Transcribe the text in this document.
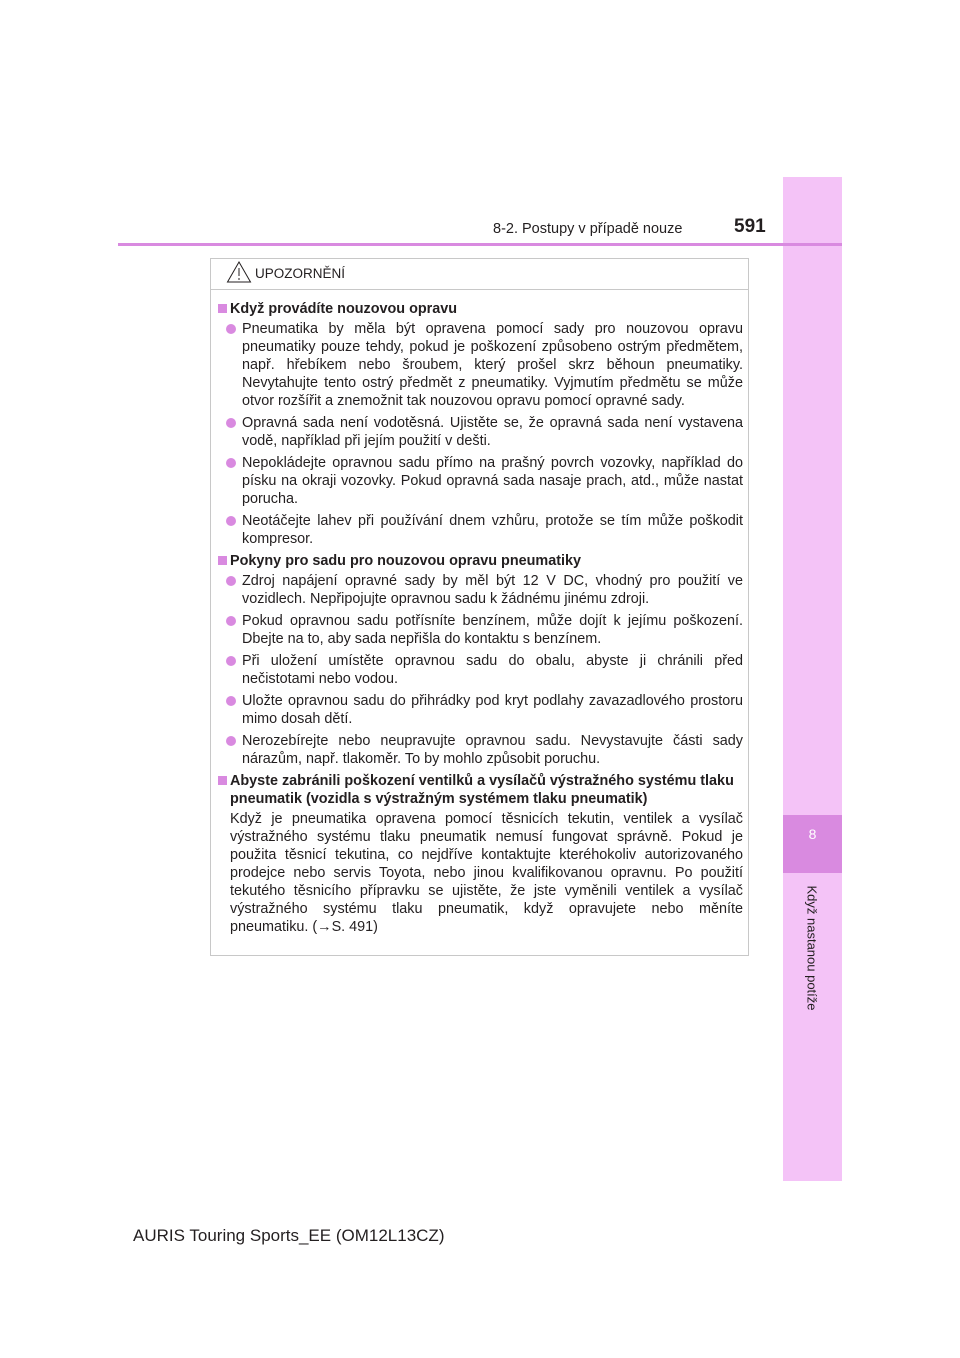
8
Když nastanou potíže
8-2. Postupy v případě nouze	591
UPOZORNĚNÍ
Když provádíte nouzovou opravu
Pneumatika by měla být opravena pomocí sady pro nouzovou opravu pneumatiky pouze tehdy, pokud je poškození způsobeno ostrým předmětem, např. hřebíkem nebo šroubem, který prošel skrz běhoun pneumatiky. Nevytahujte tento ostrý předmět z pneumatiky. Vyjmutím předmětu se může otvor rozšířit a znemožnit tak nouzovou opravu pomocí opravné sady.
Opravná sada není vodotěsná. Ujistěte se, že opravná sada není vystavena vodě, například při jejím použití v dešti.
Nepokládejte opravnou sadu přímo na prašný povrch vozovky, například do písku na okraji vozovky. Pokud opravná sada nasaje prach, atd., může nastat porucha.
Neotáčejte lahev při používání dnem vzhůru, protože se tím může poškodit kompresor.
Pokyny pro sadu pro nouzovou opravu pneumatiky
Zdroj napájení opravné sady by měl být 12 V DC, vhodný pro použití ve vozidlech. Nepřipojujte opravnou sadu k žádnému jinému zdroji.
Pokud opravnou sadu potřísníte benzínem, může dojít k jejímu poškození. Dbejte na to, aby sada nepřišla do kontaktu s benzínem.
Při uložení umístěte opravnou sadu do obalu, abyste ji chránili před nečistotami nebo vodou.
Uložte opravnou sadu do přihrádky pod kryt podlahy zavazadlového prostoru mimo dosah dětí.
Nerozebírejte nebo neupravujte opravnou sadu. Nevystavujte části sady nárazům, např. tlakoměr. To by mohlo způsobit poruchu.
Abyste zabránili poškození ventilků a vysílačů výstražného systému tlaku pneumatik (vozidla s výstražným systémem tlaku pneumatik)
Když je pneumatika opravena pomocí těsnicích tekutin, ventilek a vysílač výstražného systému tlaku pneumatik nemusí fungovat správně. Pokud je použita těsnicí tekutina, co nejdříve kontaktujte kteréhokoliv autorizovaného prodejce nebo servis Toyota, nebo jinou kvalifikovanou opravnu. Po použití tekutého těsnicího přípravku se ujistěte, že jste vyměnili ventilek a vysílač výstražného systému tlaku pneumatik, když opravujete nebo měníte pneumatiku. (→S. 491)
AURIS Touring Sports_EE (OM12L13CZ)
